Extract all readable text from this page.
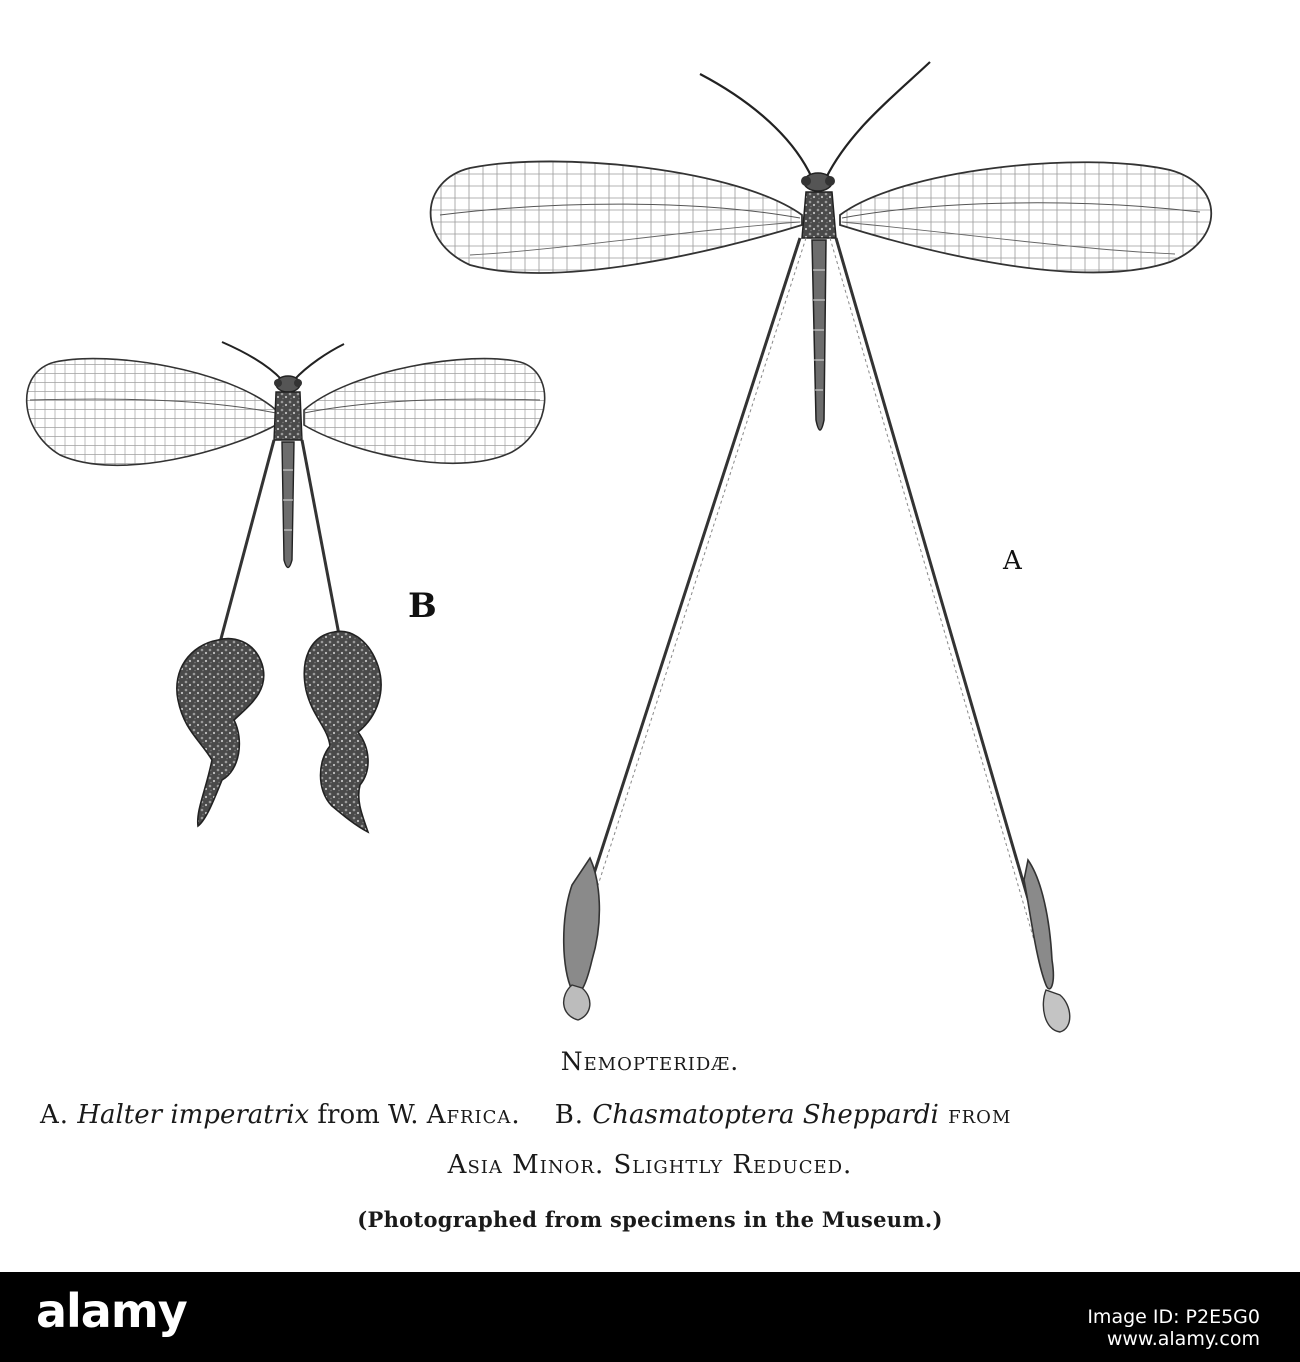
B
A
Nemopteridæ.
A. Halter imperatrix from W. Africa. B. Chasmatoptera Sheppardi from
Asia Minor. Slightly Reduced.
(Photographed from specimens in the Museum.)
alamy	Image ID: P2E5G0
www.alamy.com
